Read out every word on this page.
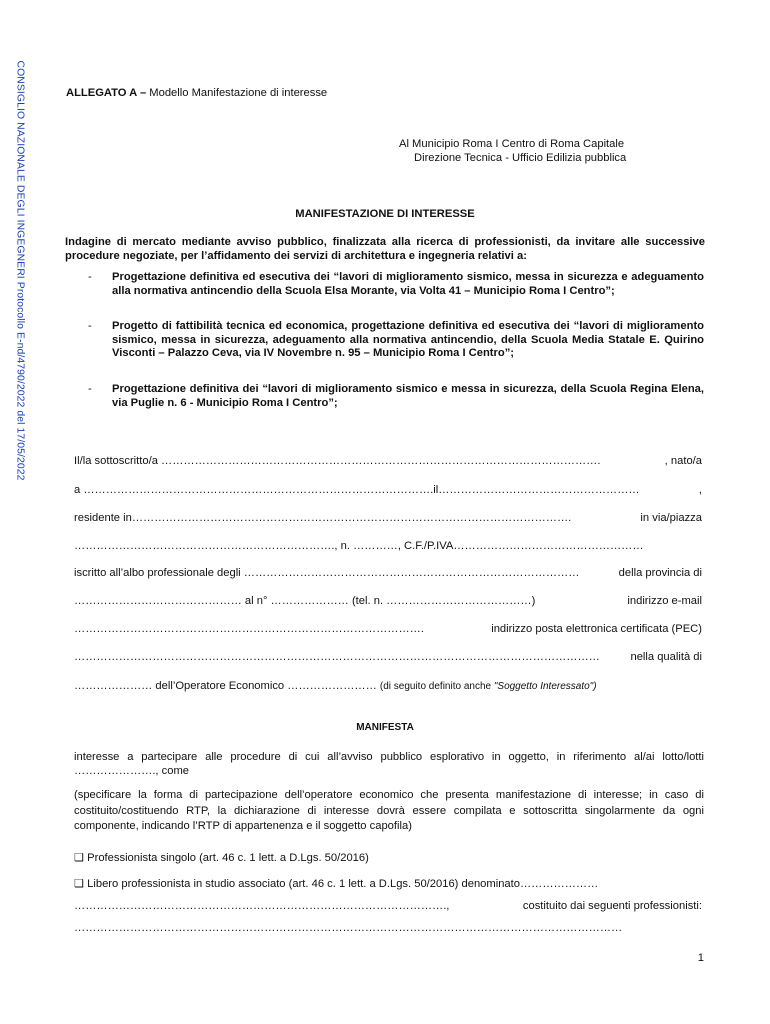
CONSIGLIO NAZIONALE DEGLI INGEGNERI Protocollo E-nd/4790/2022 del 17/05/2022	ALLEGATO A – Modello Manifestazione di interesse
Al Municipio Roma I Centro di Roma Capitale
Direzione Tecnica - Ufficio Edilizia pubblica
MANIFESTAZIONE DI INTERESSE
Indagine di mercato mediante avviso pubblico, finalizzata alla ricerca di professionisti, da invitare alle successive procedure negoziate, per l’affidamento dei servizi di architettura e ingegneria relativi a:
- Progettazione definitiva ed esecutiva dei “lavori di miglioramento sismico, messa in sicurezza e adeguamento alla normativa antincendio della Scuola Elsa Morante, via Volta 41 – Municipio Roma I Centro”;
- Progetto di fattibilità tecnica ed economica, progettazione definitiva ed esecutiva dei “lavori di miglioramento sismico, messa in sicurezza, adeguamento alla normativa antincendio, della Scuola Media Statale E. Quirino Visconti – Palazzo Ceva, via IV Novembre n. 95 – Municipio Roma I Centro”;
- Progettazione definitiva dei “lavori di miglioramento sismico e messa in sicurezza, della Scuola Regina Elena, via Puglie n. 6 - Municipio Roma I Centro”;
Il/la sottoscritto/a ……………………………………………………………………………………………………….	, nato/a
a ………………………………………………………………………………….il………………………………………………	,
residente in……………………………………………………………………………………………………….	in via/piazza
……………………………………………………………., n. …………, C.F./P.IVA……………………………………………
iscritto all’albo professionale degli ………………………………………………………………………………	della provincia di
……………………………………… al n° ………………… (tel. n. …………………………………)	indirizzo e-mail
………………………………………………………………………………….	indirizzo posta elettronica certificata (PEC)
……………………………………………………………………………………………………………………………	nella qualità di
………………… dell’Operatore Economico …………………… (di seguito definito anche "Soggetto Interessato")
MANIFESTA
interesse a partecipare alle procedure di cui all’avviso pubblico esplorativo in oggetto, in riferimento al/ai lotto/lotti …………………., come
(specificare la forma di partecipazione dell’operatore economico che presenta manifestazione di interesse; in caso di costituito/costituendo RTP, la dichiarazione di interesse dovrà essere compilata e sottoscritta singolarmente da ogni componente, indicando l’RTP di appartenenza e il soggetto capofila)
❑ Professionista singolo (art. 46 c. 1 lett. a D.Lgs. 50/2016)
❑ Libero professionista in studio associato (art. 46 c. 1 lett. a D.Lgs. 50/2016) denominato…………………
……………………………………………………………………………………….,	costituito dai seguenti professionisti:
…………………………………………………………………………………………………………………………………
1
